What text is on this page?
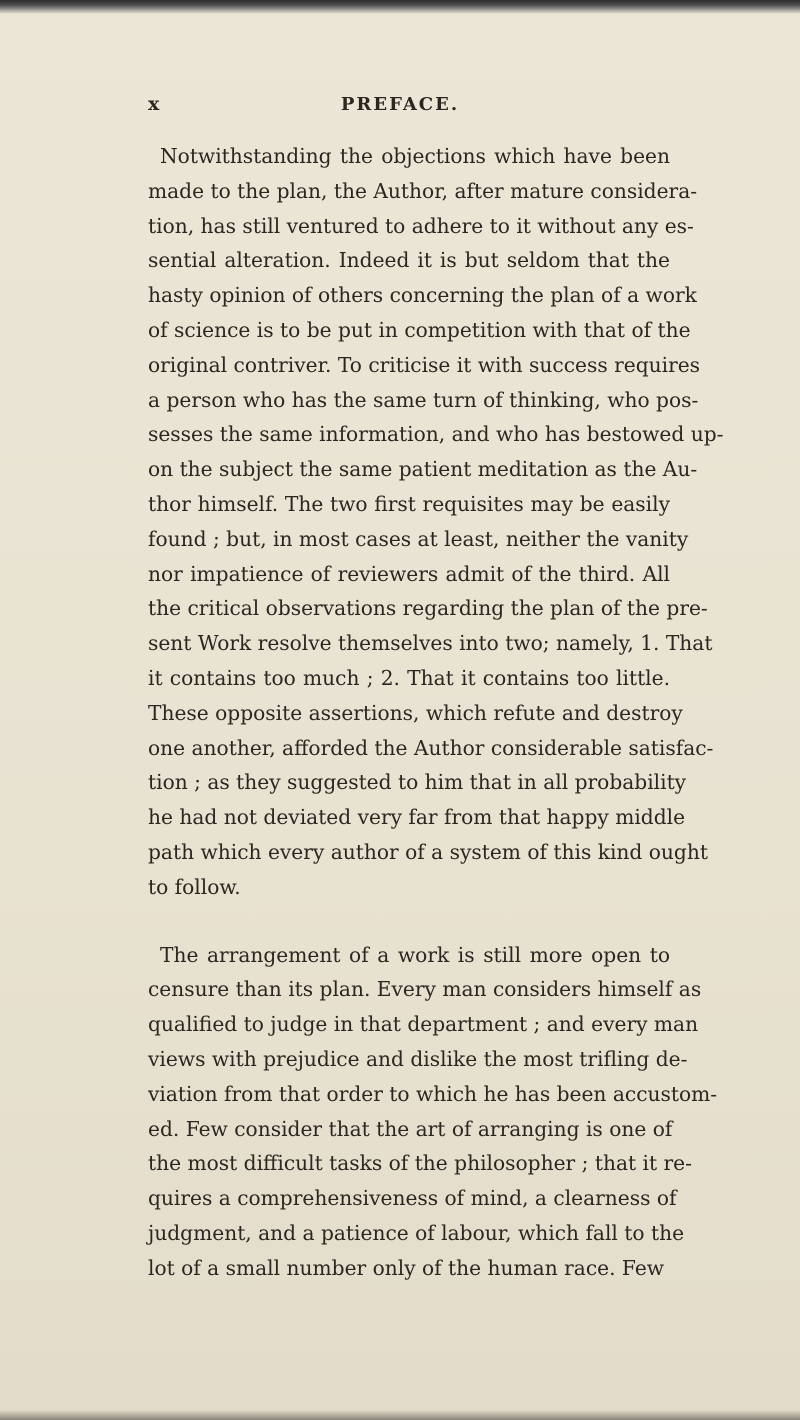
x	PREFACE.
Notwithstanding the objections which have been
made to the plan, the Author, after mature considera-
tion, has still ventured to adhere to it without any es-
sential alteration. Indeed it is but seldom that the
hasty opinion of others concerning the plan of a work
of science is to be put in competition with that of the
original contriver. To criticise it with success requires
a person who has the same turn of thinking, who pos-
sesses the same information, and who has bestowed up-
on the subject the same patient meditation as the Au-
thor himself. The two first requisites may be easily
found ; but, in most cases at least, neither the vanity
nor impatience of reviewers admit of the third. All
the critical observations regarding the plan of the pre-
sent Work resolve themselves into two; namely, 1. That
it contains too much ; 2. That it contains too little.
These opposite assertions, which refute and destroy
one another, afforded the Author considerable satisfac-
tion ; as they suggested to him that in all probability
he had not deviated very far from that happy middle
path which every author of a system of this kind ought
to follow.
The arrangement of a work is still more open to
censure than its plan. Every man considers himself as
qualified to judge in that department ; and every man
views with prejudice and dislike the most trifling de-
viation from that order to which he has been accustom-
ed. Few consider that the art of arranging is one of
the most difficult tasks of the philosopher ; that it re-
quires a comprehensiveness of mind, a clearness of
judgment, and a patience of labour, which fall to the
lot of a small number only of the human race. Few
